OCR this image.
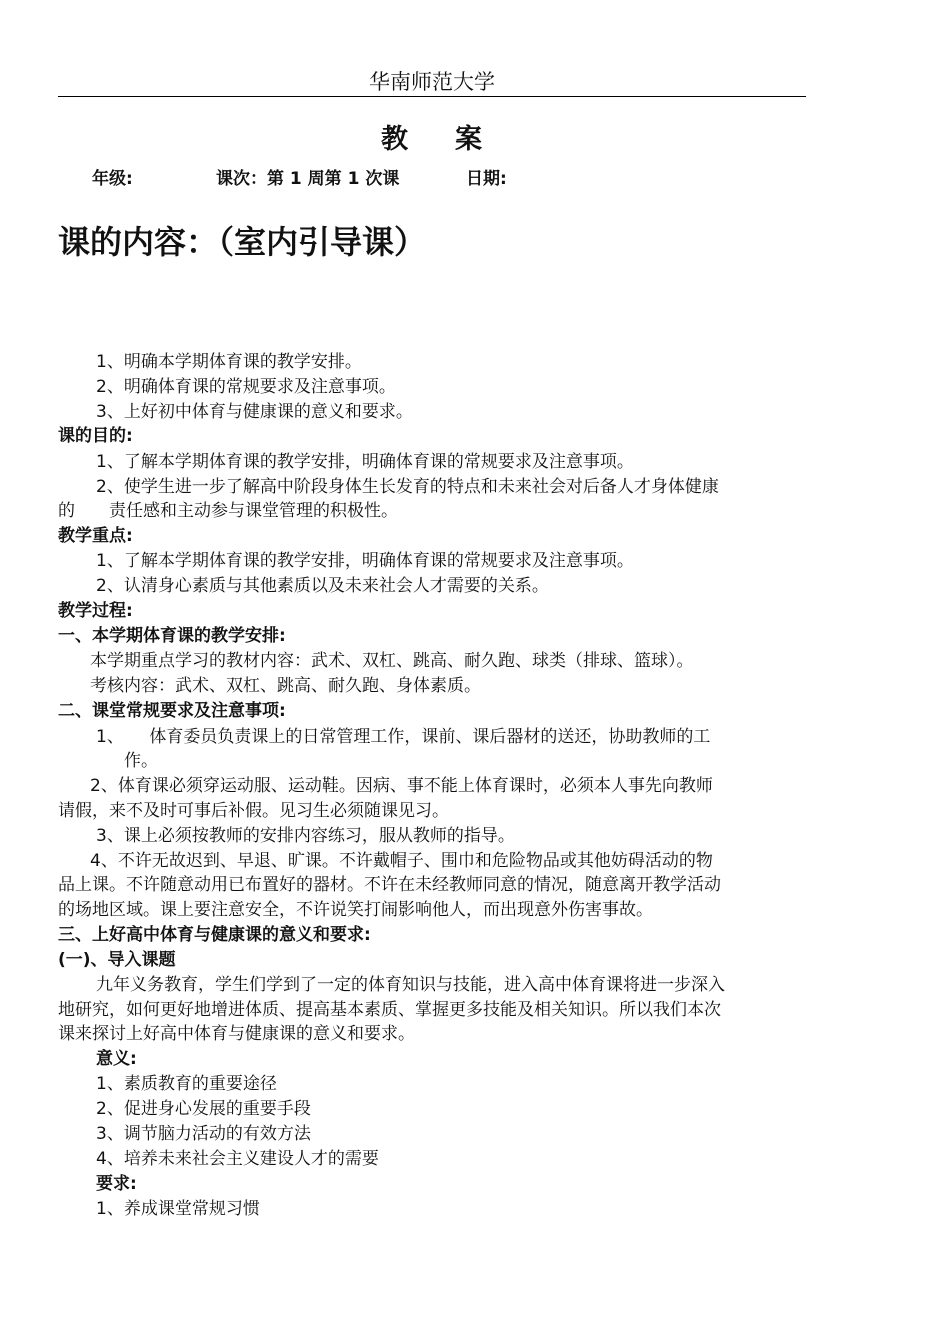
华南师范大学
教 案
年级:	课次：第 1 周第 1 次课	日期:
课的内容：（室内引导课）
1、明确本学期体育课的教学安排。
2、明确体育课的常规要求及注意事项。
3、上好初中体育与健康课的意义和要求。
课的目的:
1、了解本学期体育课的教学安排，明确体育课的常规要求及注意事项。
2、使学生进一步了解高中阶段身体生长发育的特点和未来社会对后备人才身体健康
的　　责任感和主动参与课堂管理的积极性。
教学重点:
1、了解本学期体育课的教学安排，明确体育课的常规要求及注意事项。
2、认清身心素质与其他素质以及未来社会人才需要的关系。
教学过程:
一、本学期体育课的教学安排:
本学期重点学习的教材内容：武术、双杠、跳高、耐久跑、球类（排球、篮球）。
考核内容：武术、双杠、跳高、耐久跑、身体素质。
二、课堂常规要求及注意事项:
1、　　体育委员负责课上的日常管理工作，课前、课后器材的送还，协助教师的工
作。
2、体育课必须穿运动服、运动鞋。因病、事不能上体育课时，必须本人事先向教师
请假，来不及时可事后补假。见习生必须随课见习。
3、课上必须按教师的安排内容练习，服从教师的指导。
4、不许无故迟到、早退、旷课。不许戴帽子、围巾和危险物品或其他妨碍活动的物
品上课。不许随意动用已布置好的器材。不许在未经教师同意的情况，随意离开教学活动
的场地区域。课上要注意安全，不许说笑打闹影响他人，而出现意外伤害事故。
三、上好高中体育与健康课的意义和要求:
(一)、导入课题
九年义务教育，学生们学到了一定的体育知识与技能，进入高中体育课将进一步深入
地研究，如何更好地增进体质、提高基本素质、掌握更多技能及相关知识。所以我们本次
课来探讨上好高中体育与健康课的意义和要求。
意义:
1、素质教育的重要途径
2、促进身心发展的重要手段
3、调节脑力活动的有效方法
4、培养未来社会主义建设人才的需要
要求:
1、养成课堂常规习惯
